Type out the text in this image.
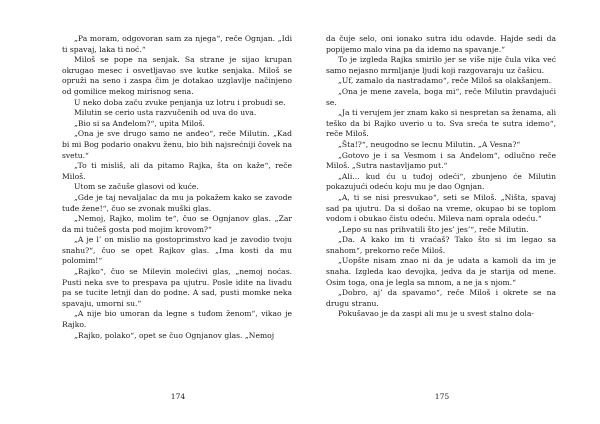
„Pa moram, odgovoran sam za njega“, reče Ognjan. „Idi ti spavaj, laka ti noć.“

Miloš se pope na senjak. Sa strane je sijao krupan okrugao mesec i osvetljavao sve kutke senjaka. Miloš se opruži na seno i zaspa čim je dotakao uzglavlje načinjeno od gomilice mekog mirisnog sena.

U neko doba začu zvuke penjanja uz lotru i probudi se.

Milutin se cerio usta razvučenih od uva do uva.

„Bio si sa Anđelom?“, upita Miloš.

„Ona je sve drugo samo ne anđeo“, reče Milutin. „Kad bi mi Bog podario onakvu ženu, bio bih najsrećniji čovek na svetu.“

„To ti misliš, ali da pitamo Rajka, šta on kaže“, reče Miloš.

Utom se začuše glasovi od kuće.

„Gde je taj nevaljalac da mu ja pokažem kako se zavode tuđe žene!“, čuo se zvonak muški glas.

„Nemoj, Rajko, molim te“, čuo se Ognjanov glas. „Zar da mi tučeš gosta pod mojim krovom?“

„A je l’ on mislio na gostoprimstvo kad je zavodio tvoju snahu?“, čuo se opet Rajkov glas. „Ima kosti da mu polomim!“

„Rajko“, čuo se Milevin molećivi glas, „nemoj noćas. Pusti neka sve to prespava pa ujutru. Posle idite na livadu pa se tucite letnji dan do podne. A sad, pusti momke neka spavaju, umorni su.“

„A nije bio umoran da legne s tuđom ženom“, vikao je Rajko.

„Rajko, polako“, opet se čuo Ognjanov glas. „Nemoj

174

da čuje selo, oni ionako sutra idu odavde. Hajde sedi da popijemo malo vina pa da idemo na spavanje.“

To je izgleda Rajka smirilo jer se više nije čula vika već samo nejasno mrmljanje ljudi koji razgovaraju uz čašicu.

„Uf, zamalo da nastradamo“, reče Miloš sa olakšanjem.

„Ona je mene zavela, boga mi“, reče Milutin pravdajući se.

„Ja ti verujem jer znam kako si nespretan sa ženama, ali teško da bi Rajko uverio u to. Sva sreća te sutra idemo“, reče Miloš.

„Šta!?“, neugodno se lecnu Milutin. „A Vesna?“

„Gotovo je i sa Vesmom i sa Anđelom“, odlučno reče Miloš. „Sutra nastavljamo put.“

„Ali... kud ću u tuđoj odeći“, zbunjeno će Milutin pokazujući odeću koju mu je dao Ognjan.

„A, ti se nisi presvukao“, seti se Miloš. „Ništa, spavaj sad pa ujutru. Da si došao na vreme, okupao bi se toplom vodom i obukao čistu odeću. Mileva nam oprala odeću.“

„Lepo su nas prihvatili što jes’ jes’“, reče Milutin.

„Da. A kako im ti vraćaš? Tako što si im legao sa snahom“, prekorno reče Miloš.

„Uopšte nisam znao ni da je udata a kamoli da im je snaha. Izgleda kao devojka, jedva da je starija od mene. Osim toga, ona je legla sa mnom, a ne ja s njom.“

„Dobro, aj’ da spavamo“, reče Miloš i okrete se na drugu stranu.

Pokušavao je da zaspi ali mu je u svest stalno dola-

175
